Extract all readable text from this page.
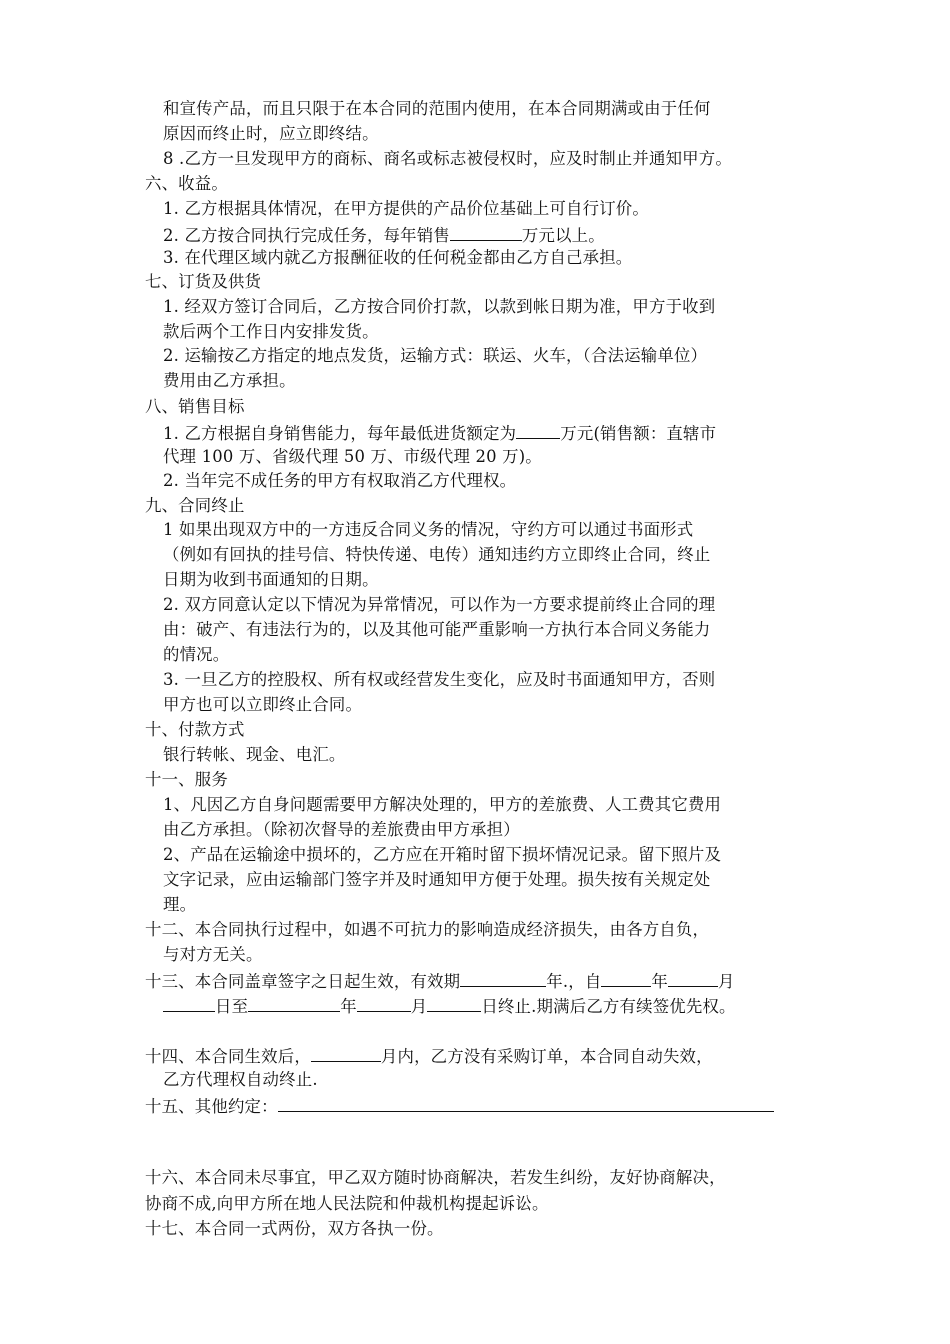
和宣传产品，而且只限于在本合同的范围内使用，在本合同期满或由于任何
原因而终止时，应立即终结。
8 .乙方一旦发现甲方的商标、商名或标志被侵权时，应及时制止并通知甲方。
六、收益。
1. 乙方根据具体情况，在甲方提供的产品价位基础上可自行订价。
2. 乙方按合同执行完成任务，每年销售	万元以上。
3. 在代理区域内就乙方报酬征收的任何税金都由乙方自己承担。
七、订货及供货
1. 经双方签订合同后，乙方按合同价打款，以款到帐日期为准，甲方于收到
款后两个工作日内安排发货。
2. 运输按乙方指定的地点发货，运输方式：联运、火车，（合法运输单位）
费用由乙方承担。
八、销售目标
1. 乙方根据自身销售能力，每年最低进货额定为	万元(销售额：直辖市
代理 100 万、省级代理 50 万、市级代理 20 万)。
2. 当年完不成任务的甲方有权取消乙方代理权。
九、合同终止
1 如果出现双方中的一方违反合同义务的情况，守约方可以通过书面形式
（例如有回执的挂号信、特快传递、电传）通知违约方立即终止合同，终止
日期为收到书面通知的日期。
2. 双方同意认定以下情况为异常情况，可以作为一方要求提前终止合同的理
由：破产、有违法行为的，以及其他可能严重影响一方执行本合同义务能力
的情况。
3. 一旦乙方的控股权、所有权或经营发生变化，应及时书面通知甲方，否则
甲方也可以立即终止合同。
十、付款方式
银行转帐、现金、电汇。
十一、服务
1、凡因乙方自身问题需要甲方解决处理的，甲方的差旅费、人工费其它费用
由乙方承担。（除初次督导的差旅费由甲方承担）
2、产品在运输途中损坏的，乙方应在开箱时留下损坏情况记录。留下照片及
文字记录，应由运输部门签字并及时通知甲方便于处理。损失按有关规定处
理。
十二、本合同执行过程中，如遇不可抗力的影响造成经济损失，由各方自负，
与对方无关。
十三、本合同盖章签字之日起生效，有效期	年.，自	年	月
日至	年	月	日终止.期满后乙方有续签优先权。
十四、本合同生效后，	月内，乙方没有采购订单，本合同自动失效，
乙方代理权自动终止.
十五、其他约定：
十六、本合同未尽事宜，甲乙双方随时协商解决，若发生纠纷，友好协商解决，
协商不成,向甲方所在地人民法院和仲裁机构提起诉讼。
十七、本合同一式两份，双方各执一份。
